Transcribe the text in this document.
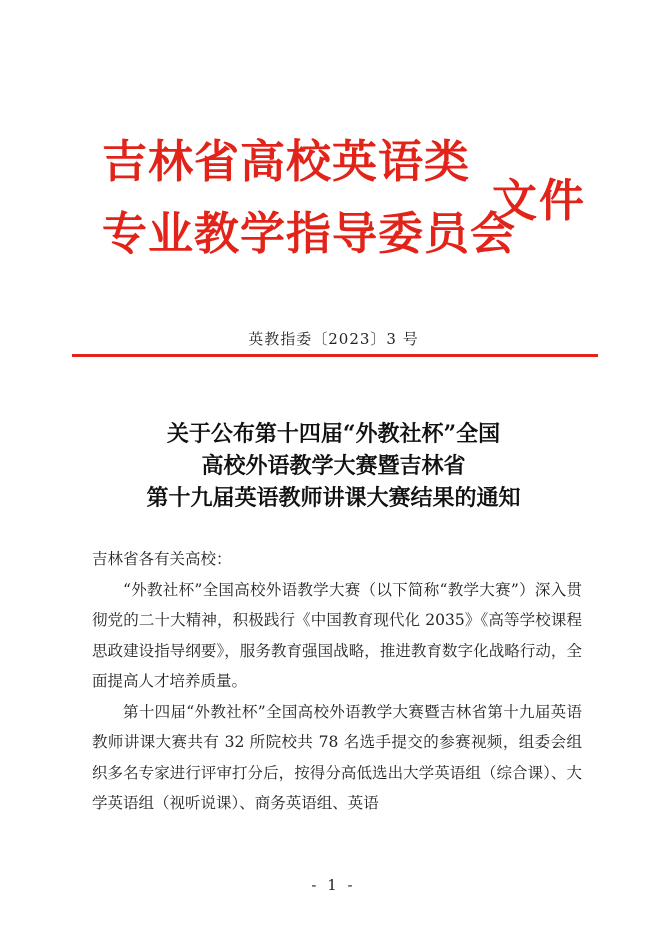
吉林省高校英语类
专业教学指导委员会
文件
英教指委〔2023〕3 号
关于公布第十四届“外教社杯”全国
高校外语教学大赛暨吉林省
第十九届英语教师讲课大赛结果的通知

吉林省各有关高校：

“外教社杯”全国高校外语教学大赛（以下简称“教学大赛”）深入贯彻党的二十大精神，积极践行《中国教育现代化 2035》《高等学校课程思政建设指导纲要》，服务教育强国战略，推进教育数字化战略行动，全面提高人才培养质量。

第十四届“外教社杯”全国高校外语教学大赛暨吉林省第十九届英语教师讲课大赛共有 32 所院校共 78 名选手提交的参赛视频，组委会组织多名专家进行评审打分后，按得分高低选出大学英语组（综合课）、大学英语组（视听说课）、商务英语组、英语

- 1 -
